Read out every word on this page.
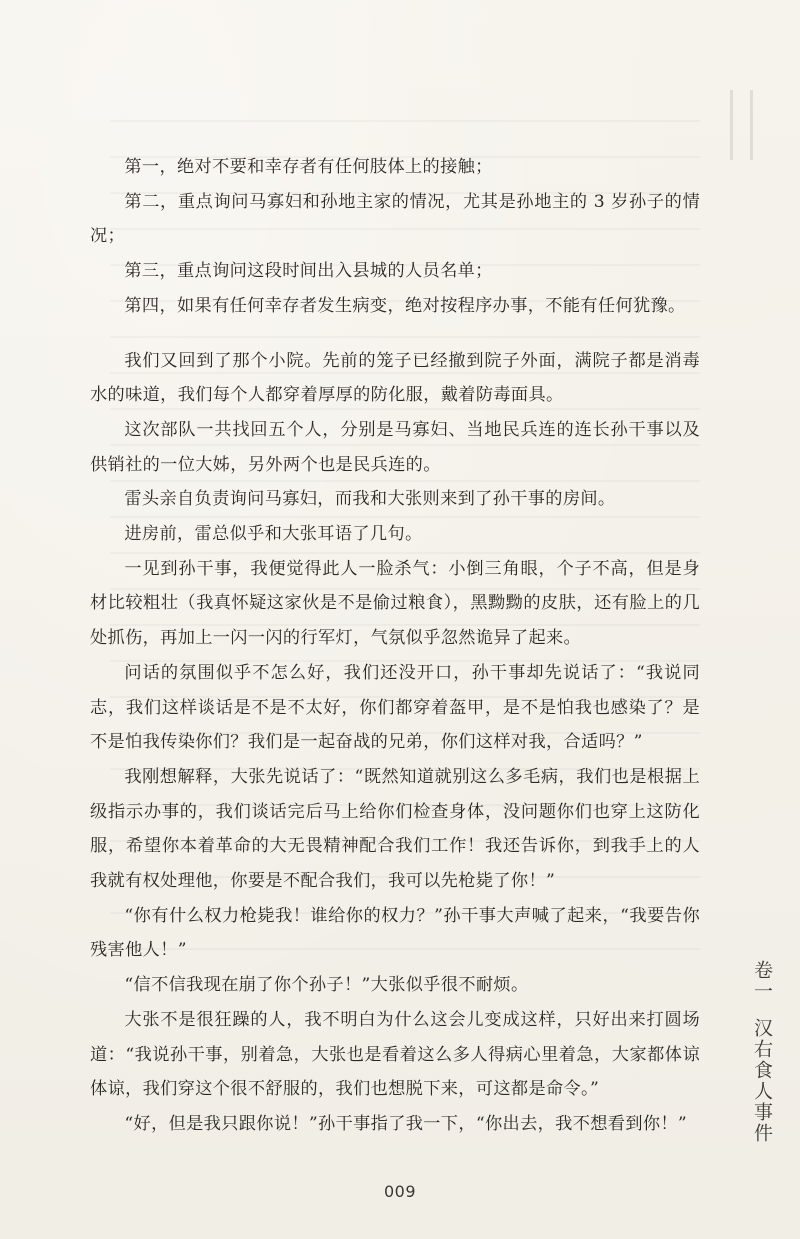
第一，绝对不要和幸存者有任何肢体上的接触；

第二，重点询问马寡妇和孙地主家的情况，尤其是孙地主的 3 岁孙子的情况；

第三，重点询问这段时间出入县城的人员名单；

第四，如果有任何幸存者发生病变，绝对按程序办事，不能有任何犹豫。

我们又回到了那个小院。先前的笼子已经撤到院子外面，满院子都是消毒水的味道，我们每个人都穿着厚厚的防化服，戴着防毒面具。

这次部队一共找回五个人，分别是马寡妇、当地民兵连的连长孙干事以及供销社的一位大姊，另外两个也是民兵连的。

雷头亲自负责询问马寡妇，而我和大张则来到了孙干事的房间。

进房前，雷总似乎和大张耳语了几句。

一见到孙干事，我便觉得此人一脸杀气：小倒三角眼，个子不高，但是身材比较粗壮（我真怀疑这家伙是不是偷过粮食），黑黝黝的皮肤，还有脸上的几处抓伤，再加上一闪一闪的行军灯，气氛似乎忽然诡异了起来。

问话的氛围似乎不怎么好，我们还没开口，孙干事却先说话了：“我说同志，我们这样谈话是不是不太好，你们都穿着盔甲，是不是怕我也感染了？是不是怕我传染你们？我们是一起奋战的兄弟，你们这样对我，合适吗？”

我刚想解释，大张先说话了：“既然知道就别这么多毛病，我们也是根据上级指示办事的，我们谈话完后马上给你们检查身体，没问题你们也穿上这防化服，希望你本着革命的大无畏精神配合我们工作！我还告诉你，到我手上的人我就有权处理他，你要是不配合我们，我可以先枪毙了你！”

“你有什么权力枪毙我！谁给你的权力？”孙干事大声喊了起来，“我要告你残害他人！”

“信不信我现在崩了你个孙子！”大张似乎很不耐烦。

大张不是很狂躁的人，我不明白为什么这会儿变成这样，只好出来打圆场道：“我说孙干事，别着急，大张也是看着这么多人得病心里着急，大家都体谅体谅，我们穿这个很不舒服的，我们也想脱下来，可这都是命令。”

“好，但是我只跟你说！”孙干事指了我一下，“你出去，我不想看到你！”

卷一汉右食人事件
009
